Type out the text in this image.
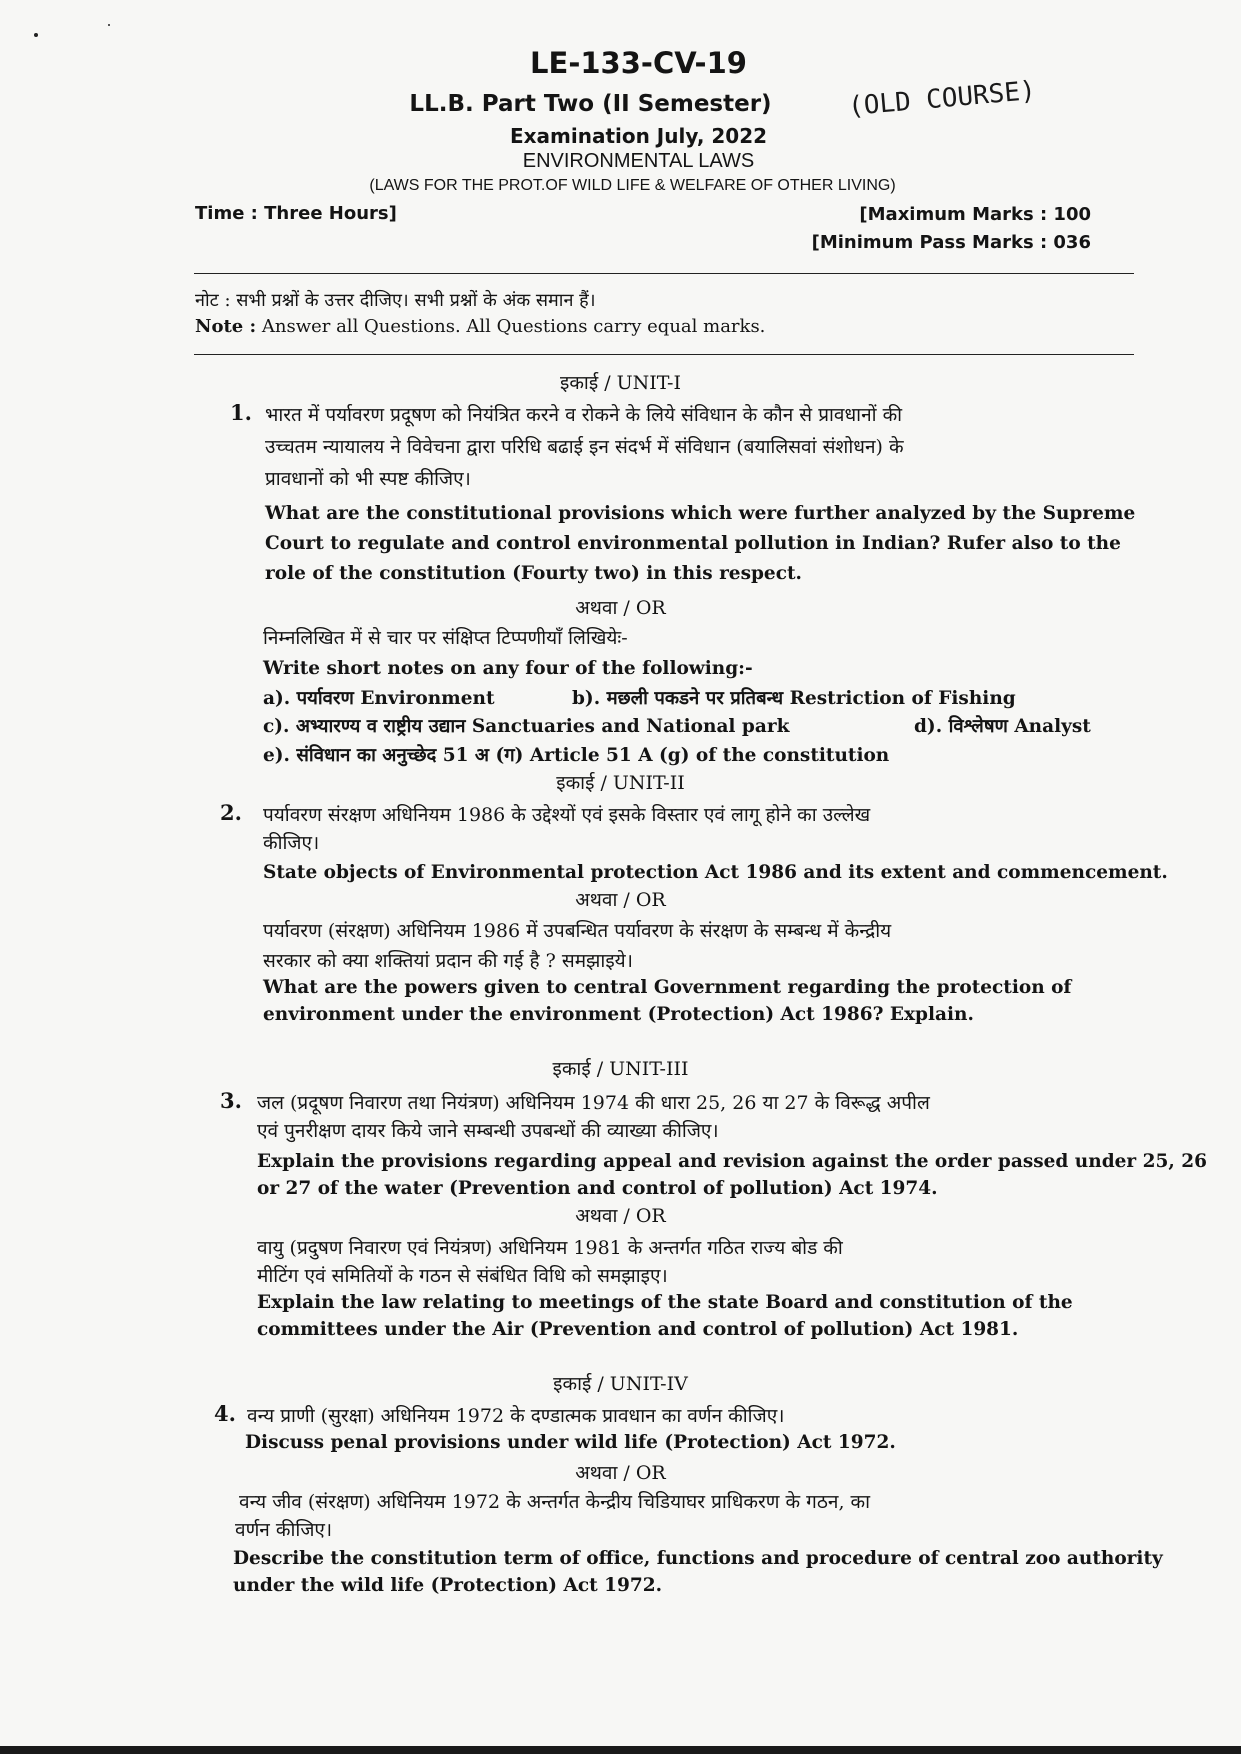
LE-133-CV-19
LL.B. Part Two (II Semester)	(OLD COURSE)
Examination July, 2022
ENVIRONMENTAL LAWS
(LAWS FOR THE PROT.OF WILD LIFE & WELFARE OF OTHER LIVING)
Time : Three Hours]	[Maximum Marks : 100
[Minimum Pass Marks : 036
नोट : सभी प्रश्नों के उत्तर दीजिए। सभी प्रश्नों के अंक समान हैं।
Note : Answer all Questions. All Questions carry equal marks.
इकाई / UNIT-I
1. भारत में पर्यावरण प्रदूषण को नियंत्रित करने व रोकने के लिये संविधान के कौन से प्रावधानों की
उच्चतम न्यायालय ने विवेचना द्वारा परिधि बढाई इन संदर्भ में संविधान (बयालिसवां संशोधन) के
प्रावधानों को भी स्पष्ट कीजिए।
What are the constitutional provisions which were further analyzed by the Supreme
Court to regulate and control environmental pollution in Indian? Rufer also to the
role of the constitution (Fourty two) in this respect.
अथवा / OR
निम्नलिखित में से चार पर संक्षिप्त टिप्पणीयॉं लिखियेः-
Write short notes on any four of the following:-
a). पर्यावरण Environment	b). मछली पकडने पर प्रतिबन्ध Restriction of Fishing
c). अभ्यारण्य व राष्ट्रीय उद्यान Sanctuaries and National park	d). विश्लेषण Analyst
e). संविधान का अनुच्छेद 51 अ (ग) Article 51 A (g) of the constitution
इकाई / UNIT-II
2. पर्यावरण संरक्षण अधिनियम 1986 के उद्देश्यों एवं इसके विस्तार एवं लागू होने का उल्लेख
कीजिए।
State objects of Environmental protection Act 1986 and its extent and commencement.
अथवा / OR
पर्यावरण (संरक्षण) अधिनियम 1986 में उपबन्धित पर्यावरण के संरक्षण के सम्बन्ध में केन्द्रीय
सरकार को क्या शक्तियां प्रदान की गई है ? समझाइये।
What are the powers given to central Government regarding the protection of
environment under the environment (Protection) Act 1986? Explain.
इकाई / UNIT-III
3. जल (प्रदूषण निवारण तथा नियंत्रण) अधिनियम 1974 की धारा 25, 26 या 27 के विरूद्ध अपील
एवं पुनरीक्षण दायर किये जाने सम्बन्धी उपबन्धों की व्याख्या कीजिए।
Explain the provisions regarding appeal and revision against the order passed under 25, 26
or 27 of the water (Prevention and control of pollution) Act 1974.
अथवा / OR
वायु (प्रदुषण निवारण एवं नियंत्रण) अधिनियम 1981 के अन्तर्गत गठित राज्य बोड की
मीटिंग एवं समितियों के गठन से संबंधित विधि को समझाइए।
Explain the law relating to meetings of the state Board and constitution of the
committees under the Air (Prevention and control of pollution) Act 1981.
इकाई / UNIT-IV
4. वन्य प्राणी (सुरक्षा) अधिनियम 1972 के दण्डात्मक प्रावधान का वर्णन कीजिए।
Discuss penal provisions under wild life (Protection) Act 1972.
अथवा / OR
वन्य जीव (संरक्षण) अधिनियम 1972 के अन्तर्गत केन्द्रीय चिडियाघर प्राधिकरण के गठन, का
वर्णन कीजिए।
Describe the constitution term of office, functions and procedure of central zoo authority
under the wild life (Protection) Act 1972.
